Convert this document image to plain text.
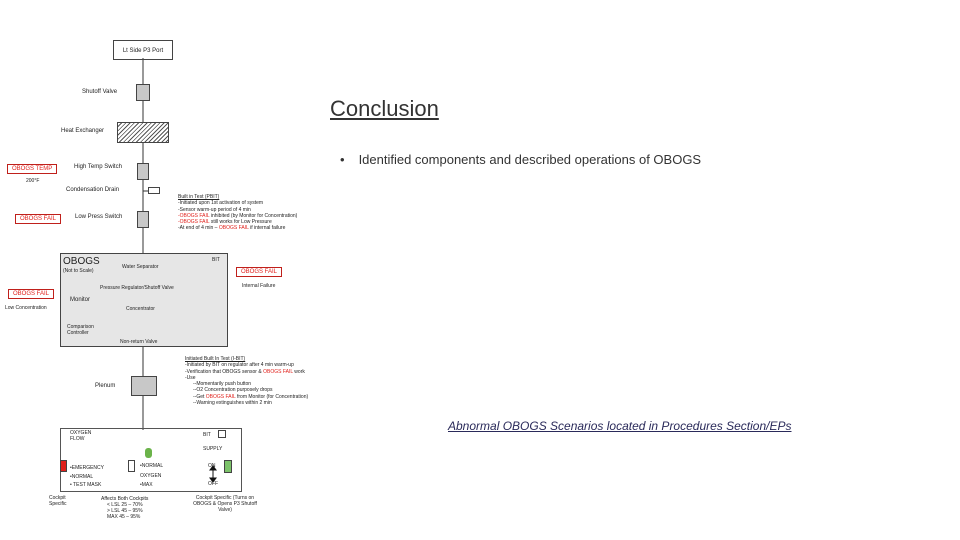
Conclusion
• Identified components and described operations of OBOGS
Abnormal OBOGS Scenarios located in Procedures Section/EPs
Lt Side P3 Port
Shutoff Valve
Heat Exchanger
OBOGS TEMP
200°F
High Temp Switch
Condensation Drain
OBOGS FAIL	Low Press Switch
Built in Test (PBIT)
-Initiated upon 1st activation of system
-Sensor warm-up period of 4 min
-OBOGS FAIL inhibited (by Monitor for Concentration)
-OBOGS FAIL still works for Low Pressure
-At end of 4 min – OBOGS FAIL if internal failure
OBOGS
(Not to Scale)
Water Separator
BIT
Pressure Regulator/Shutoff Valve
OBOGS FAIL
Low Concentration
Monitor
Concentrator
Comparison Controller
Non-return Valve
OBOGS FAIL
Internal Failure
Plenum
Initiated Built In Test (I-BIT)
-Initiated by BIT on regulator after 4 min warm-up
-Verification that OBOGS sensor & OBOGS FAIL work
-Use
--Momentarily push button
--O2 Concentration purposely drops
--Get OBOGS FAIL from Monitor (for Concentration)
--Warning extinguishes within 2 min
OXYGEN FLOW
BIT
SUPPLY
•EMERGENCY
•NORMAL
• TEST MASK
•NORMAL
OXYGEN
•MAX
ON
OFF
Cockpit Specific
Affects Both Cockpits
< LSL 25 – 70%
> LSL 45 – 95%
MAX 45 – 95%
Cockpit Specific (Turns on OBOGS & Opens P3 Shutoff Valve)
